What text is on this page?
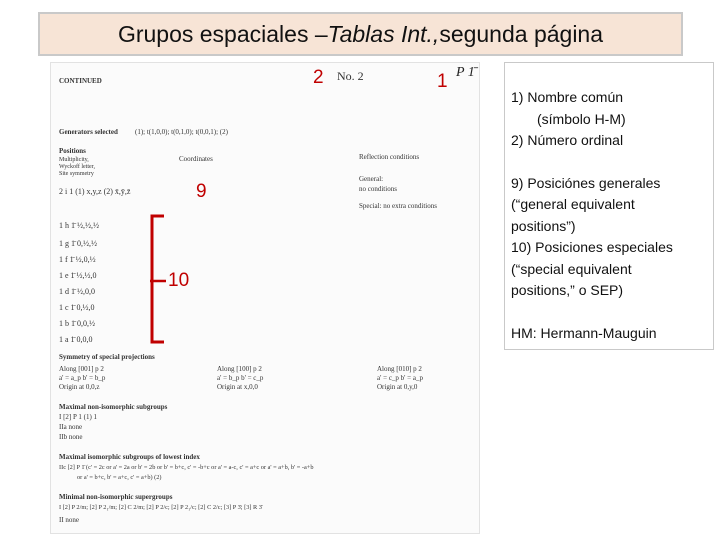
Grupos espaciales – Tablas Int., segunda página
CONTINUED	No. 2	P 1̄
Generators selected (1); t(1,0,0); t(0,1,0); t(0,0,1); (2)
Positions
Multiplicity,
Wyckoff letter,
Site symmetry
Coordinates	Reflection conditions
2 i 1 (1) x,y,z (2) x̄,ȳ,z̄
General:
no conditions
Special: no extra conditions
1 h 1̄ ½,½,½
1 g 1̄ 0,½,½
1 f 1̄ ½,0,½
1 e 1̄ ½,½,0
1 d 1̄ ½,0,0
1 c 1̄ 0,½,0
1 b 1̄ 0,0,½
1 a 1̄ 0,0,0
Symmetry of special projections
Along [001] p 2
a' = a_p b' = b_p
Origin at 0,0,z
Along [100] p 2
a' = b_p b' = c_p
Origin at x,0,0
Along [010] p 2
a' = c_p b' = a_p
Origin at 0,y,0
Maximal non-isomorphic subgroups
I [2] P 1 (1) 1
IIa none
IIb none
Maximal isomorphic subgroups of lowest index
IIc [2] P 1̄ (c' = 2c or a' = 2a or b' = 2b or b' = b+c, c' = -b+c or a' = a-c, c' = a+c or a' = a+b, b' = -a+b
or a' = b+c, b' = a+c, c' = a+b) (2)
Minimal non-isomorphic supergroups
I [2] P 2/m; [2] P 2₁/m; [2] C 2/m; [2] P 2/c; [2] P 2₁/c; [2] C 2/c; [3] P 3̄; [3] R 3̄
II none
2	1
9
10

1) Nombre común

(símbolo H-M)

2) Número ordinal

9) Posiciónes generales

(“general equivalent

positions”)

10) Posiciones especiales

(“special equivalent

positions,” o SEP)

HM: Hermann-Mauguin
